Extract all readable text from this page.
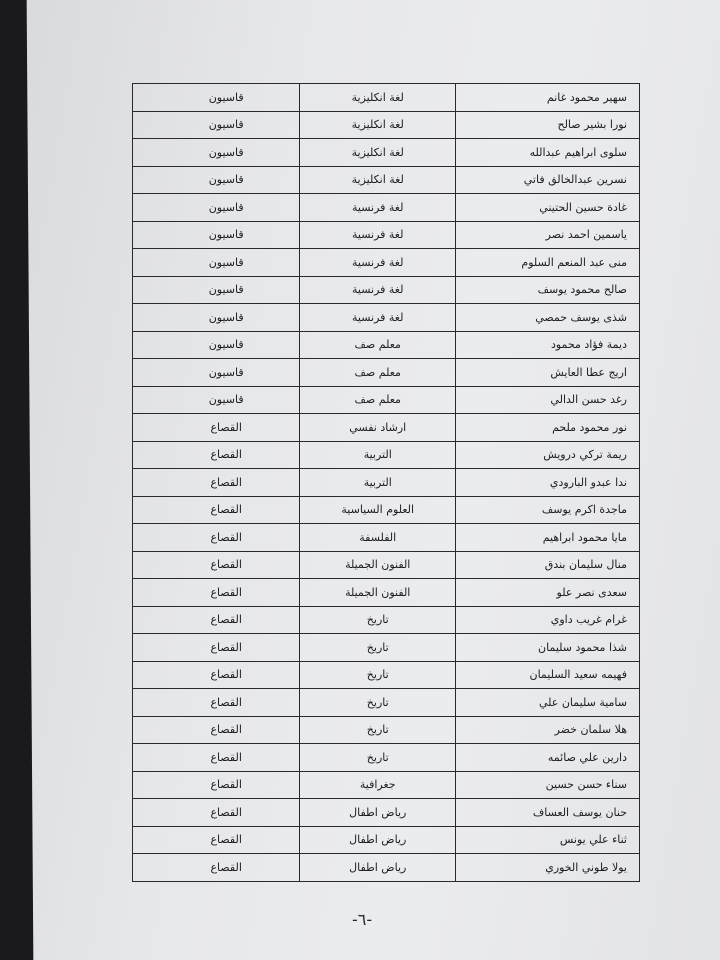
سهير محمود غانم	لغة انكليزية	قاسيون
نورا بشير صالح	لغة انكليزية	قاسيون
سلوى ابراهيم عبدالله	لغة انكليزية	قاسيون
نسرين عبدالخالق فاتي	لغة انكليزية	قاسيون
غادة حسين الحتيني	لغة فرنسية	قاسيون
ياسمين احمد نصر	لغة فرنسية	قاسيون
منى عبد المنعم السلوم	لغة فرنسية	قاسيون
صالح محمود يوسف	لغة فرنسية	قاسيون
شذى يوسف حمصي	لغة فرنسية	قاسيون
ديمة فؤاد محمود	معلم صف	قاسيون
اريج عطا العايش	معلم صف	قاسيون
رغد حسن الدالي	معلم صف	قاسيون
نور محمود ملحم	ارشاد نفسي	القصاع
ريمة تركي درويش	التربية	القصاع
ندا عبدو البارودي	التربية	القصاع
ماجدة اكرم يوسف	العلوم السياسية	القصاع
مايا محمود ابراهيم	الفلسفة	القصاع
منال سليمان بندق	الفنون الجميلة	القصاع
سعدى نصر علو	الفنون الجميلة	القصاع
غرام غريب داوي	تاريخ	القصاع
شذا محمود سليمان	تاريخ	القصاع
فهيمه سعيد السليمان	تاريخ	القصاع
سامية سليمان علي	تاريخ	القصاع
هلا سلمان خضر	تاريخ	القصاع
دارين علي صائمه	تاريخ	القصاع
سناء حسن حسين	جغرافية	القصاع
حنان يوسف العساف	رياض اطفال	القصاع
ثناء علي يونس	رياض اطفال	القصاع
يولا طوني الخوري	رياض اطفال	القصاع
-٦-
